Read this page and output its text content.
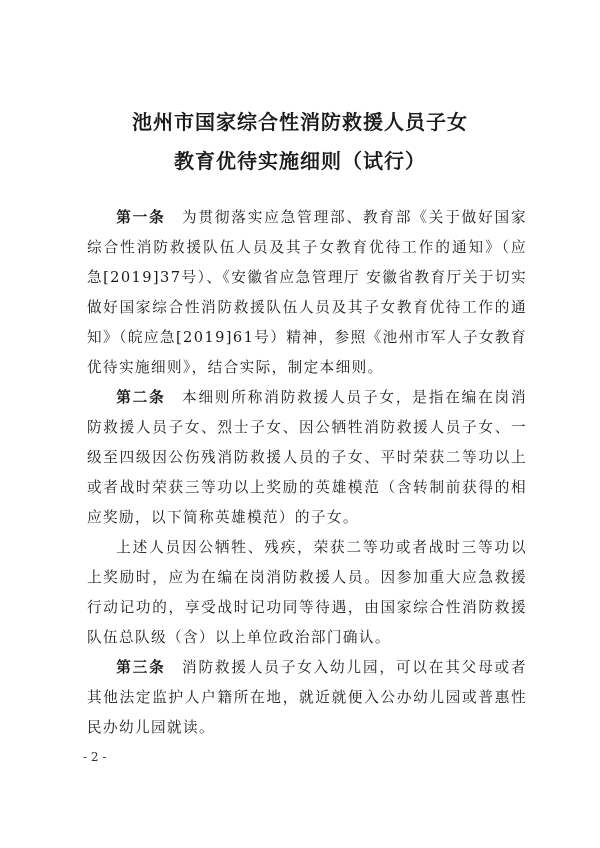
池州市国家综合性消防救援人员子女
教育优待实施细则（试行）

第一条　为贯彻落实应急管理部、教育部《关于做好国家综合性消防救援队伍人员及其子女教育优待工作的通知》（应急[2019]37号）、《安徽省应急管理厅 安徽省教育厅关于切实做好国家综合性消防救援队伍人员及其子女教育优待工作的通知》（皖应急[2019]61号）精神，参照《池州市军人子女教育优待实施细则》，结合实际，制定本细则。

第二条　本细则所称消防救援人员子女，是指在编在岗消防救援人员子女、烈士子女、因公牺牲消防救援人员子女、一级至四级因公伤残消防救援人员的子女、平时荣获二等功以上或者战时荣获三等功以上奖励的英雄模范（含转制前获得的相应奖励，以下简称英雄模范）的子女。

上述人员因公牺牲、残疾，荣获二等功或者战时三等功以上奖励时，应为在编在岗消防救援人员。因参加重大应急救援行动记功的，享受战时记功同等待遇，由国家综合性消防救援队伍总队级（含）以上单位政治部门确认。

第三条　消防救援人员子女入幼儿园，可以在其父母或者其他法定监护人户籍所在地，就近就便入公办幼儿园或普惠性民办幼儿园就读。

- 2 -
